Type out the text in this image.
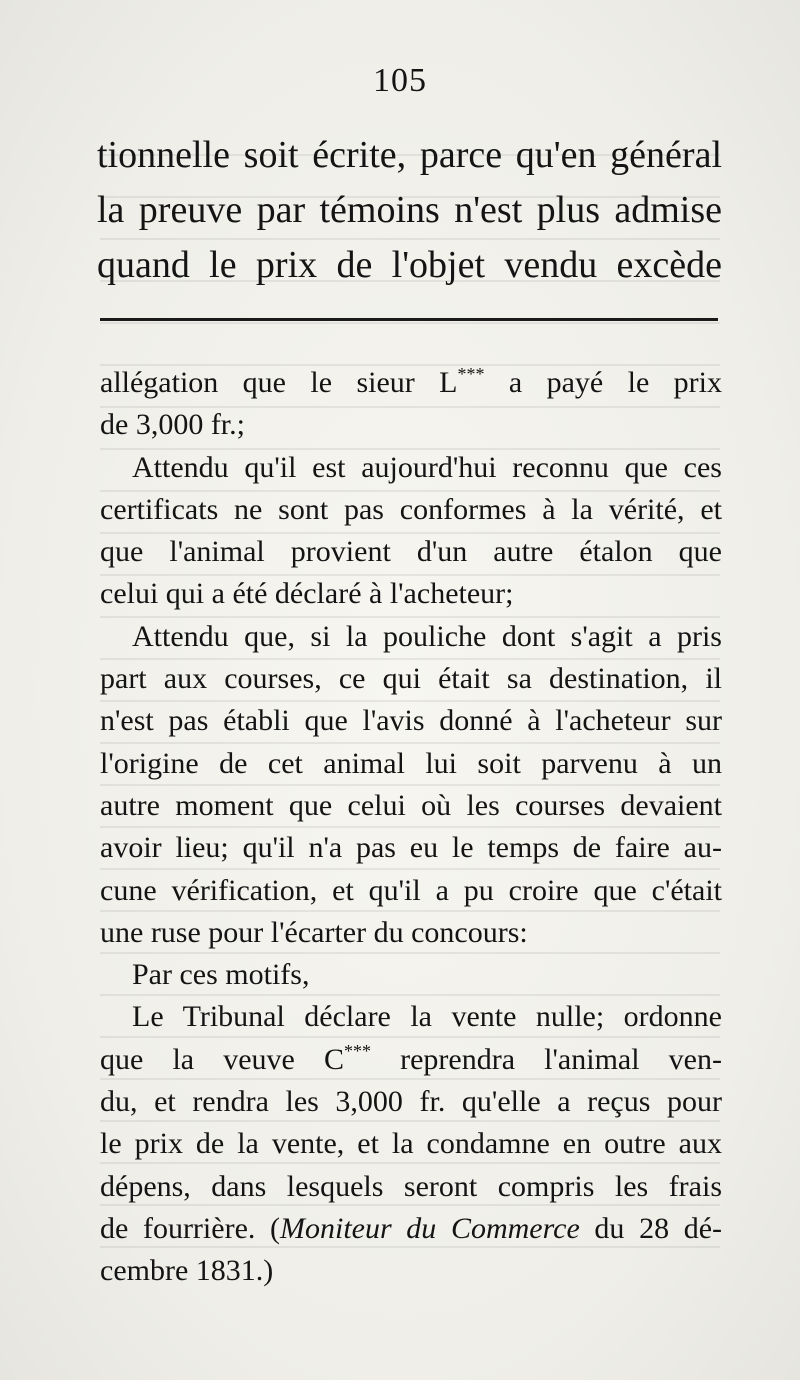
105
tionnelle soit écrite, parce qu'en général
la preuve par témoins n'est plus admise
quand le prix de l'objet vendu excède
allégation que le sieur L*** a payé le prix
de 3,000 fr.;
Attendu qu'il est aujourd'hui reconnu que ces
certificats ne sont pas conformes à la vérité, et
que l'animal provient d'un autre étalon que
celui qui a été déclaré à l'acheteur;
Attendu que, si la pouliche dont s'agit a pris
part aux courses, ce qui était sa destination, il
n'est pas établi que l'avis donné à l'acheteur sur
l'origine de cet animal lui soit parvenu à un
autre moment que celui où les courses devaient
avoir lieu; qu'il n'a pas eu le temps de faire au-
cune vérification, et qu'il a pu croire que c'était
une ruse pour l'écarter du concours:
Par ces motifs,
Le Tribunal déclare la vente nulle; ordonne
que la veuve C*** reprendra l'animal ven-
du, et rendra les 3,000 fr. qu'elle a reçus pour
le prix de la vente, et la condamne en outre aux
dépens, dans lesquels seront compris les frais
de fourrière. (Moniteur du Commerce du 28 dé-
cembre 1831.)
